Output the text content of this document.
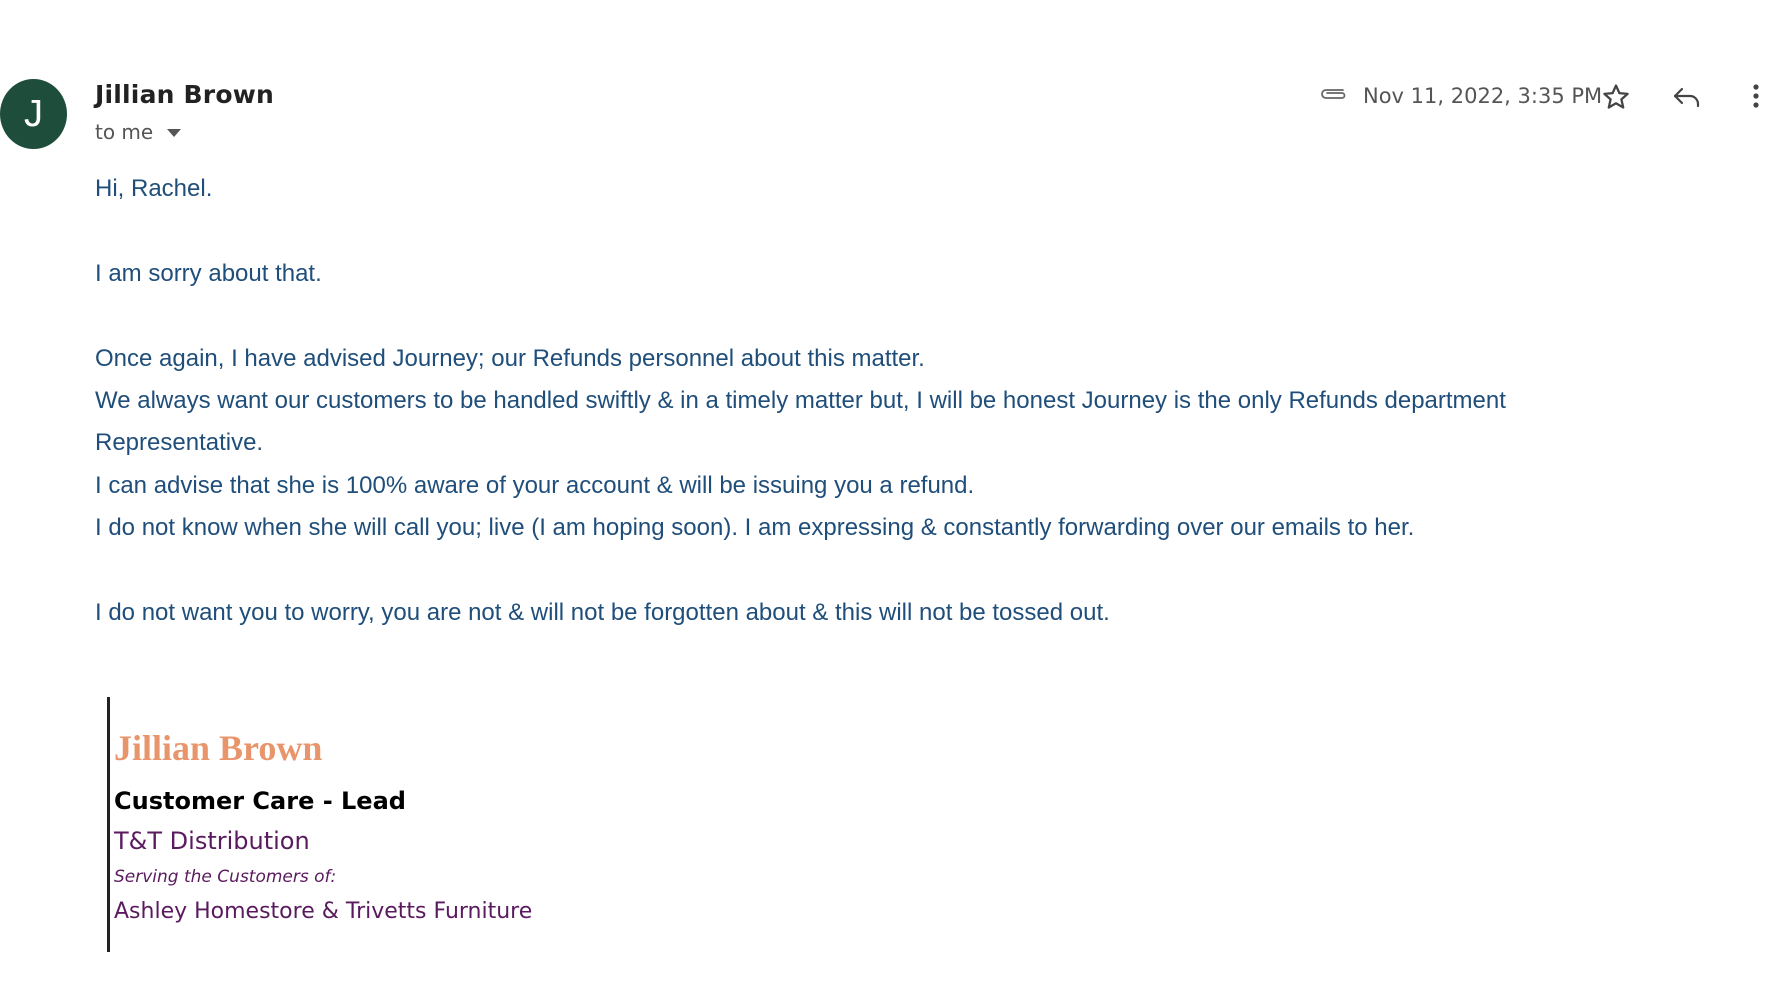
J Jillian Brown
to me
Nov 11, 2022, 3:35 PM

Hi, Rachel.

I am sorry about that.

Once again, I have advised Journey; our Refunds personnel about this matter.

We always want our customers to be handled swiftly & in a timely matter but, I will be honest Journey is the only Refunds department

Representative.

I can advise that she is 100% aware of your account & will be issuing you a refund.

I do not know when she will call you; live (I am hoping soon). I am expressing & constantly forwarding over our emails to her.

I do not want you to worry, you are not & will not be forgotten about & this will not be tossed out.

Jillian Brown
Customer Care - Lead
T&T Distribution
Serving the Customers of:
Ashley Homestore & Trivetts Furniture
